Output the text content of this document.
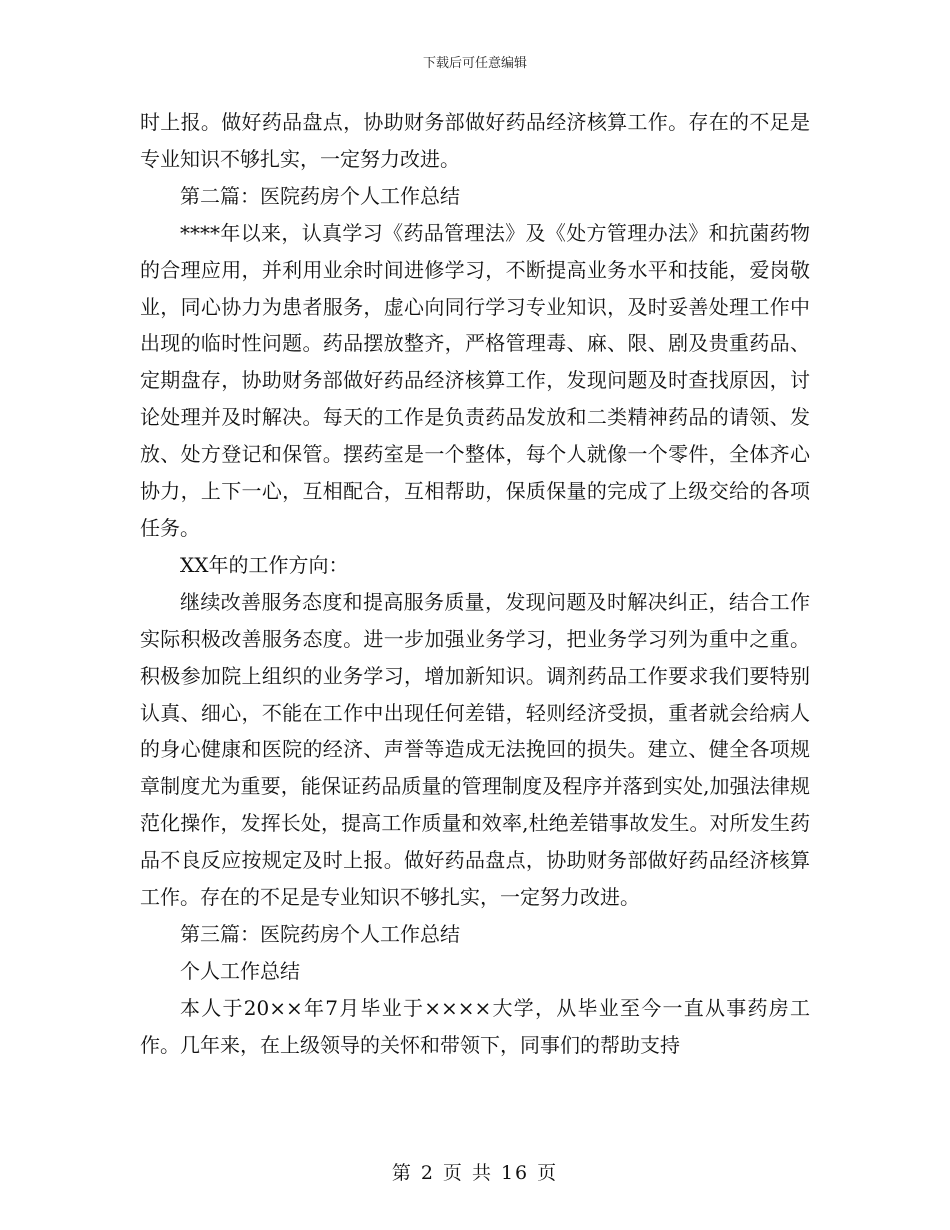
下载后可任意编辑

时上报。做好药品盘点，协助财务部做好药品经济核算工作。存在的不足是专业知识不够扎实，一定努力改进。

第二篇：医院药房个人工作总结

****年以来，认真学习《药品管理法》及《处方管理办法》和抗菌药物的合理应用，并利用业余时间进修学习，不断提高业务水平和技能，爱岗敬业，同心协力为患者服务，虚心向同行学习专业知识，及时妥善处理工作中出现的临时性问题。药品摆放整齐，严格管理毒、麻、限、剧及贵重药品、定期盘存，协助财务部做好药品经济核算工作，发现问题及时查找原因，讨论处理并及时解决。每天的工作是负责药品发放和二类精神药品的请领、发放、处方登记和保管。摆药室是一个整体，每个人就像一个零件，全体齐心协力，上下一心，互相配合，互相帮助，保质保量的完成了上级交给的各项任务。

XX年的工作方向：

继续改善服务态度和提高服务质量，发现问题及时解决纠正，结合工作实际积极改善服务态度。进一步加强业务学习，把业务学习列为重中之重。积极参加院上组织的业务学习，增加新知识。调剂药品工作要求我们要特别认真、细心，不能在工作中出现任何差错，轻则经济受损，重者就会给病人的身心健康和医院的经济、声誉等造成无法挽回的损失。建立、健全各项规章制度尤为重要，能保证药品质量的管理制度及程序并落到实处,加强法律规范化操作，发挥长处，提高工作质量和效率,杜绝差错事故发生。对所发生药品不良反应按规定及时上报。做好药品盘点，协助财务部做好药品经济核算工作。存在的不足是专业知识不够扎实，一定努力改进。

第三篇：医院药房个人工作总结

个人工作总结

本人于20××年7月毕业于××××大学，从毕业至今一直从事药房工作。几年来，在上级领导的关怀和带领下，同事们的帮助支持

第 2 页 共 16 页
